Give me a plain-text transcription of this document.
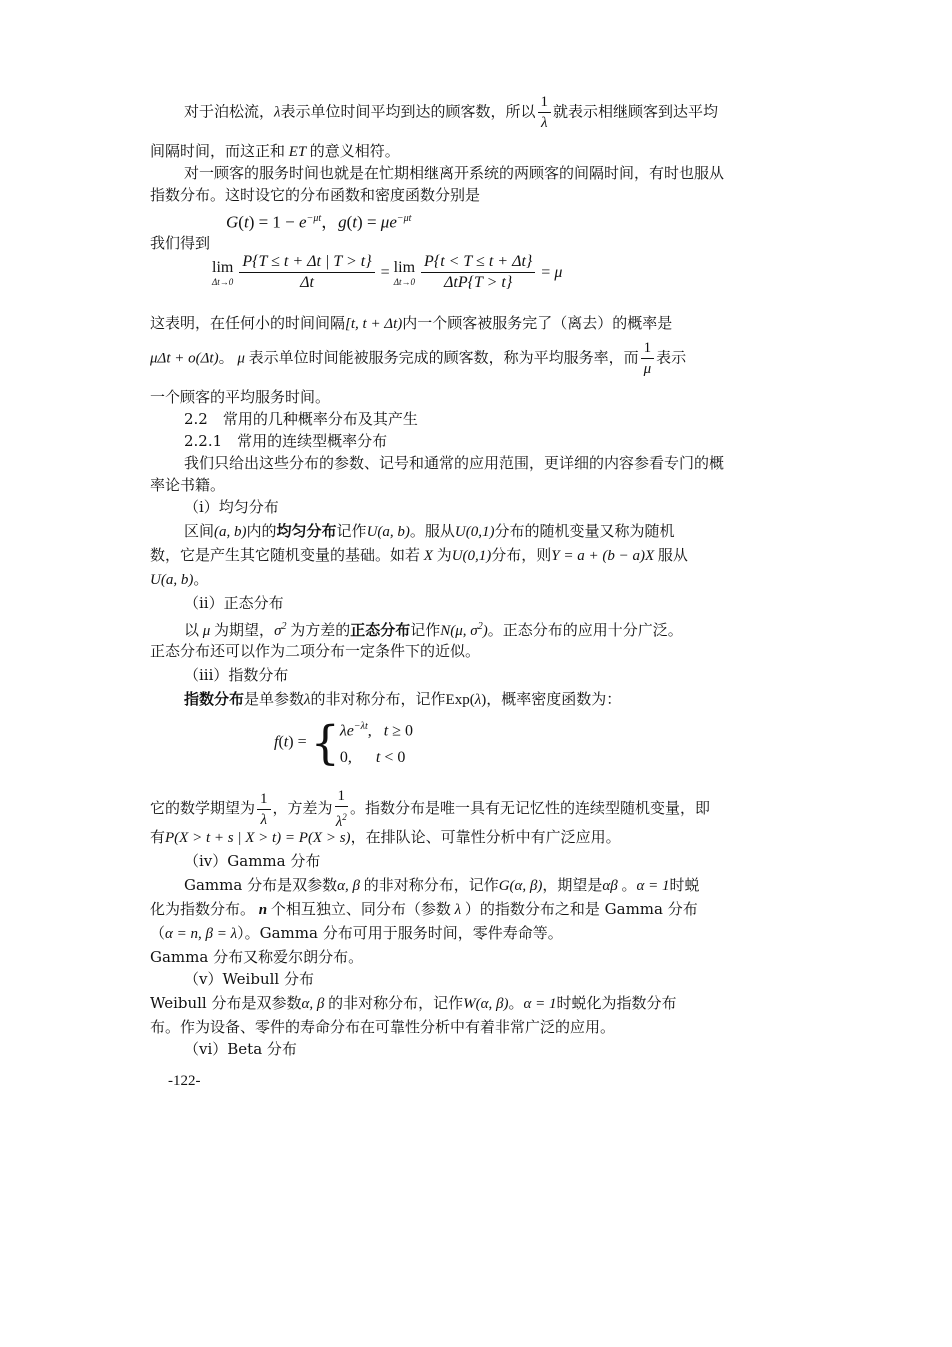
对于泊松流，λ表示单位时间平均到达的顾客数，所以 $\frac{1}{\lambda}$ 就表示相继顾客到达平均
间隔时间，而这正和 ET 的意义相符。
对一顾客的服务时间也就是在忙期相继离开系统的两顾客的间隔时间，有时也服从
指数分布。这时设它的分布函数和密度函数分别是
$G(t) = 1 - e^{-\mu t}$，$g(t) = \mu e^{-\mu t}$
我们得到
lim
$\Delta t\to 0 \frac{P\{T \le t + \Delta t | T > t\}}{\Delta t} = \lim$
$\Delta t\to 0 \frac{P\{t < T \le t + \Delta t\}}{\text{ΔtP\{T > t\}}} = \mu$
这表明，在任何小的时间间隔[t, t + Δt)内一个顾客被服务完了（离去）的概率是
μΔt + o(Δt)。 μ 表示单位时间能被服务完成的顾客数，称为平均服务率，而 $\frac{1}{\mu}$ 表示
一个顾客的平均服务时间。
2.2　常用的几种概率分布及其产生
2.2.1　常用的连续型概率分布
我们只给出这些分布的参数、记号和通常的应用范围，更详细的内容参看专门的概
率论书籍。
（i）均匀分布
区间(a, b)内的均匀分布记作U(a, b)。服从U(0,1)分布的随机变量又称为随机
数，它是产生其它随机变量的基础。如若 X 为U(0,1)分布，则Y = a + (b − a)X 服从
U(a, b)。
（ii）正态分布
以 μ 为期望，$\sigma^2$ 为方差的正态分布记作N(μ, $\sigma^2$)。正态分布的应用十分广泛。
正态分布还可以作为二项分布一定条件下的近似。
（iii）指数分布
指数分布是单参数λ的非对称分布，记作Exp(λ)，概率密度函数为：
f(t) = { $\lambda e^{-\lambda t}$,   t ≥ 0
0,      t < 0
它的数学期望为 $\frac{1}{\lambda}$ ，方差为 $\frac{1}{\lambda^2}$ 。指数分布是唯一具有无记忆性的连续型随机变量，即
有P(X > t + s | X > t) = P(X > s)，在排队论、可靠性分析中有广泛应用。
（iv）Gamma 分布
Gamma 分布是双参数α, β 的非对称分布，记作G(α, β)，期望是αβ 。α = 1时蜕
化为指数分布。 n 个相互独立、同分布（参数 λ ）的指数分布之和是 Gamma 分布
（α = n, β = λ）。Gamma 分布可用于服务时间，零件寿命等。
Gamma 分布又称爱尔朗分布。
（v）Weibull 分布
Weibull 分布是双参数α, β 的非对称分布，记作W(α, β)。α = 1时蜕化为指数分布
布。作为设备、零件的寿命分布在可靠性分析中有着非常广泛的应用。
（vi）Beta 分布
-122-
